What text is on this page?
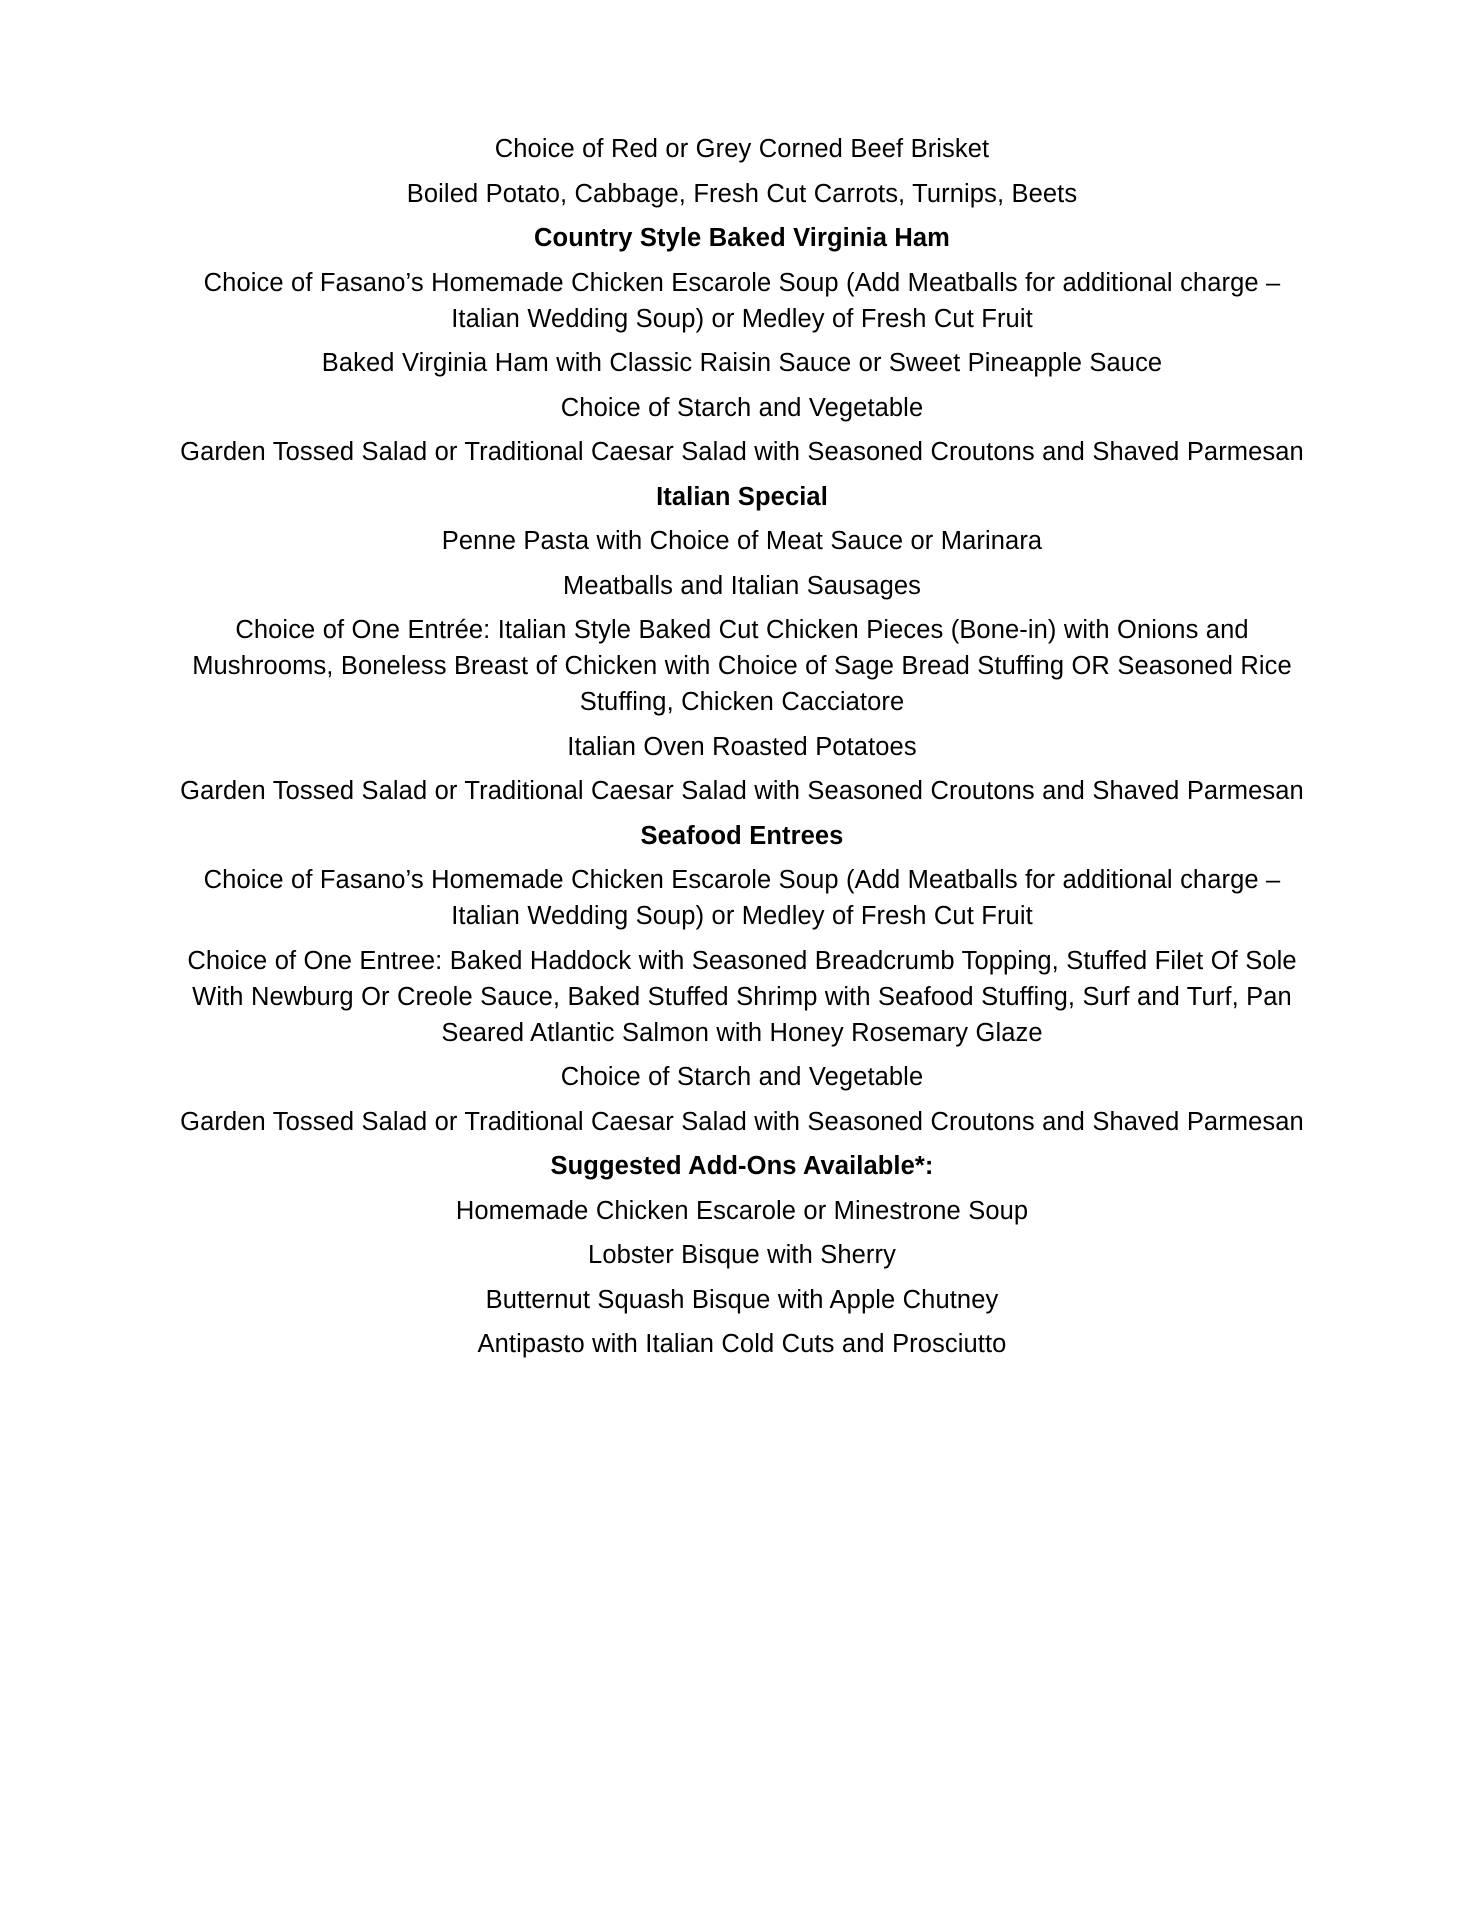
Choice of Red or Grey Corned Beef Brisket

Boiled Potato, Cabbage, Fresh Cut Carrots, Turnips, Beets

Country Style Baked Virginia Ham

Choice of Fasano’s Homemade Chicken Escarole Soup (Add Meatballs for additional charge – Italian Wedding Soup) or Medley of Fresh Cut Fruit

Baked Virginia Ham with Classic Raisin Sauce or Sweet Pineapple Sauce

Choice of Starch and Vegetable

Garden Tossed Salad or Traditional Caesar Salad with Seasoned Croutons and Shaved Parmesan

Italian Special

Penne Pasta with Choice of Meat Sauce or Marinara

Meatballs and Italian Sausages

Choice of One Entrée: Italian Style Baked Cut Chicken Pieces (Bone-in) with Onions and Mushrooms, Boneless Breast of Chicken with Choice of Sage Bread Stuffing OR Seasoned Rice Stuffing, Chicken Cacciatore

Italian Oven Roasted Potatoes

Garden Tossed Salad or Traditional Caesar Salad with Seasoned Croutons and Shaved Parmesan

Seafood Entrees

Choice of Fasano’s Homemade Chicken Escarole Soup (Add Meatballs for additional charge – Italian Wedding Soup) or Medley of Fresh Cut Fruit

Choice of One Entree: Baked Haddock with Seasoned Breadcrumb Topping, Stuffed Filet Of Sole With Newburg Or Creole Sauce, Baked Stuffed Shrimp with Seafood Stuffing, Surf and Turf, Pan Seared Atlantic Salmon with Honey Rosemary Glaze

Choice of Starch and Vegetable

Garden Tossed Salad or Traditional Caesar Salad with Seasoned Croutons and Shaved Parmesan

Suggested Add-Ons Available*:

Homemade Chicken Escarole or Minestrone Soup

Lobster Bisque with Sherry

Butternut Squash Bisque with Apple Chutney

Antipasto with Italian Cold Cuts and Prosciutto
